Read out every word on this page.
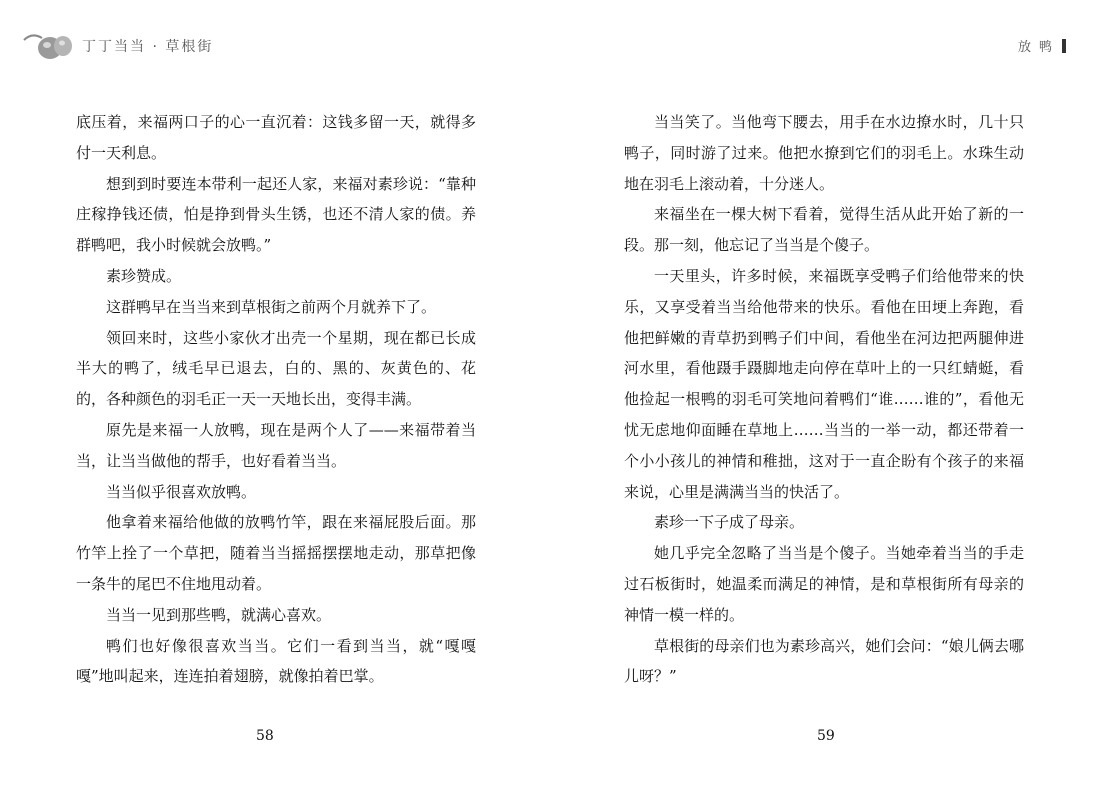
丁丁当当 · 草根街	放鸭

底压着，来福两口子的心一直沉着：这钱多留一天，就得多付一天利息。

想到到时要连本带利一起还人家，来福对素珍说：“靠种庄稼挣钱还债，怕是挣到骨头生锈，也还不清人家的债。养群鸭吧，我小时候就会放鸭。”

素珍赞成。

这群鸭早在当当来到草根街之前两个月就养下了。

领回来时，这些小家伙才出壳一个星期，现在都已长成半大的鸭了，绒毛早已退去，白的、黑的、灰黄色的、花的，各种颜色的羽毛正一天一天地长出，变得丰满。

原先是来福一人放鸭，现在是两个人了——来福带着当当，让当当做他的帮手，也好看着当当。

当当似乎很喜欢放鸭。

他拿着来福给他做的放鸭竹竿，跟在来福屁股后面。那竹竿上拴了一个草把，随着当当摇摇摆摆地走动，那草把像一条牛的尾巴不住地甩动着。

当当一见到那些鸭，就满心喜欢。

鸭们也好像很喜欢当当。它们一看到当当，就“嘎嘎嘎”地叫起来，连连拍着翅膀，就像拍着巴掌。

当当笑了。当他弯下腰去，用手在水边撩水时，几十只鸭子，同时游了过来。他把水撩到它们的羽毛上。水珠生动地在羽毛上滚动着，十分迷人。

来福坐在一棵大树下看着，觉得生活从此开始了新的一段。那一刻，他忘记了当当是个傻子。

一天里头，许多时候，来福既享受鸭子们给他带来的快乐，又享受着当当给他带来的快乐。看他在田埂上奔跑，看他把鲜嫩的青草扔到鸭子们中间，看他坐在河边把两腿伸进河水里，看他蹑手蹑脚地走向停在草叶上的一只红蜻蜓，看他捡起一根鸭的羽毛可笑地问着鸭们“谁……谁的”，看他无忧无虑地仰面睡在草地上……当当的一举一动，都还带着一个小小孩儿的神情和稚拙，这对于一直企盼有个孩子的来福来说，心里是满满当当的快活了。

素珍一下子成了母亲。

她几乎完全忽略了当当是个傻子。当她牵着当当的手走过石板街时，她温柔而满足的神情，是和草根街所有母亲的神情一模一样的。

草根街的母亲们也为素珍高兴，她们会问：“娘儿俩去哪儿呀？”

58	59
